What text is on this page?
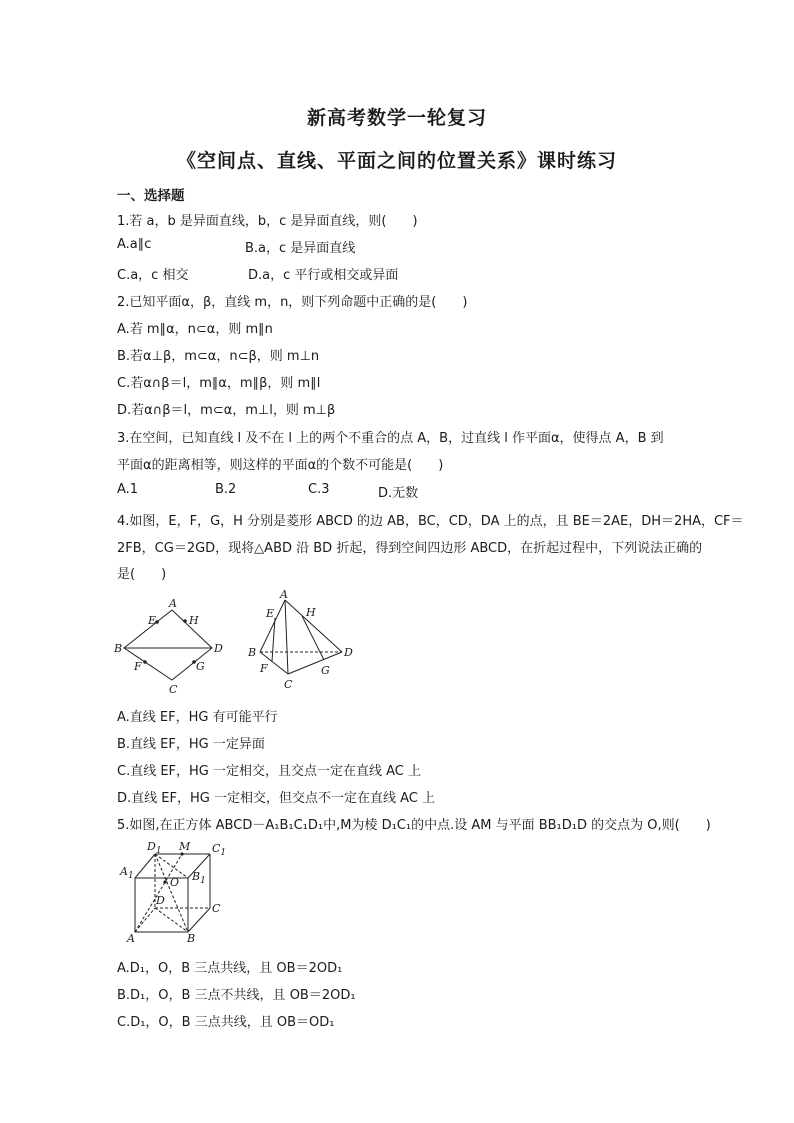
新高考数学一轮复习
《空间点、直线、平面之间的位置关系》课时练习
一、选择题
1.若 a，b 是异面直线，b，c 是异面直线，则(　　)
A.a∥c	B.a，c 是异面直线
C.a，c 相交	D.a，c 平行或相交或异面
2.已知平面α，β，直线 m，n，则下列命题中正确的是(　　)
A.若 m∥α，n⊂α，则 m∥n
B.若α⊥β，m⊂α，n⊂β，则 m⊥n
C.若α∩β＝l，m∥α，m∥β，则 m∥l
D.若α∩β＝l，m⊂α，m⊥l，则 m⊥β
3.在空间，已知直线 l 及不在 l 上的两个不重合的点 A，B，过直线 l 作平面α，使得点 A，B 到
平面α的距离相等，则这样的平面α的个数不可能是(　　)
A.1	B.2	C.3	D.无数
4.如图，E，F，G，H 分别是菱形 ABCD 的边 AB，BC，CD，DA 上的点，且 BE＝2AE，DH＝2HA，CF＝
2FB，CG＝2GD，现将△ABD 沿 BD 折起，得到空间四边形 ABCD，在折起过程中，下列说法正确的
是(　　)
A
B
C
D
E	H
F	G
A
B
C
D
E	H
F	G
A.直线 EF，HG 有可能平行
B.直线 EF，HG 一定异面
C.直线 EF，HG 一定相交，且交点一定在直线 AC 上
D.直线 EF，HG 一定相交，但交点不一定在直线 AC 上
5.如图,在正方体 ABCD－A₁B₁C₁D₁中,M为棱 D₁C₁的中点.设 AM 与平面 BB₁D₁D 的交点为 O,则(　　)
$D_1$ M $C_1$
$A_1$	$B_1$
O
D
C
A	B
A.D₁，O，B 三点共线，且 OB＝2OD₁
B.D₁，O，B 三点不共线，且 OB＝2OD₁
C.D₁，O，B 三点共线，且 OB＝OD₁
